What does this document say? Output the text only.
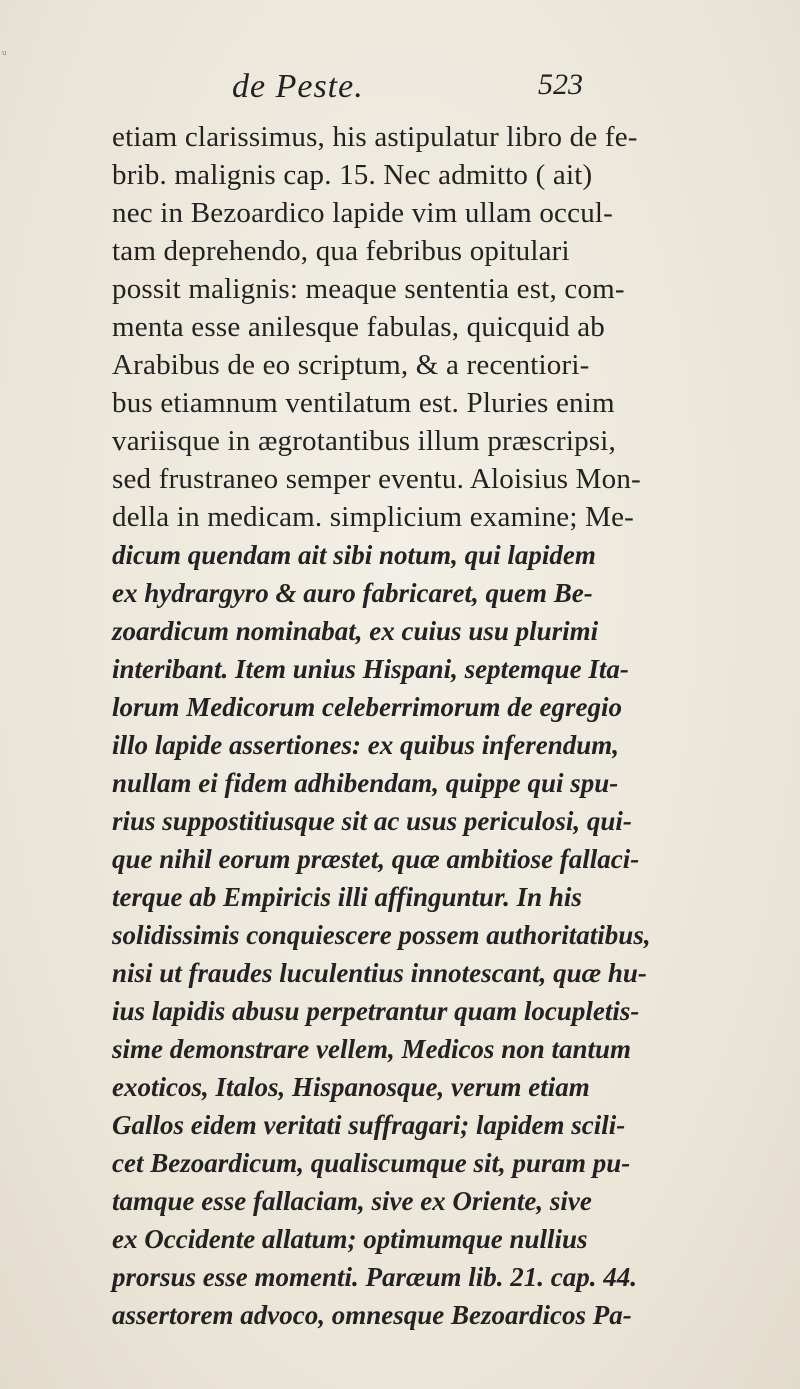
ᵘ
de Peste.	523
etiam clarissimus, his astipulatur libro de fe-
brib. malignis cap. 15. Nec admitto ( ait)
nec in Bezoardico lapide vim ullam occul-
tam deprehendo, qua febribus opitulari
possit malignis: meaque sententia est, com-
menta esse anilesque fabulas, quicquid ab
Arabibus de eo scriptum, & a recentiori-
bus etiamnum ventilatum est. Pluries enim
variisque in ægrotantibus illum præscripsi,
sed frustraneo semper eventu. Aloisius Mon-
della in medicam. simplicium examine; Me-
dicum quendam ait sibi notum, qui lapidem
ex hydrargyro & auro fabricaret, quem Be-
zoardicum nominabat, ex cuius usu plurimi
interibant. Item unius Hispani, septemque Ita-
lorum Medicorum celeberrimorum de egregio
illo lapide assertiones: ex quibus inferendum,
nullam ei fidem adhibendam, quippe qui spu-
rius suppostitiusque sit ac usus periculosi, qui-
que nihil eorum præstet, quæ ambitiose fallaci-
terque ab Empiricis illi affinguntur. In his
solidissimis conquiescere possem authoritatibus,
nisi ut fraudes luculentius innotescant, quæ hu-
ius lapidis abusu perpetrantur quam locupletis-
sime demonstrare vellem, Medicos non tantum
exoticos, Italos, Hispanosque, verum etiam
Gallos eidem veritati suffragari; lapidem scili-
cet Bezoardicum, qualiscumque sit, puram pu-
tamque esse fallaciam, sive ex Oriente, sive
ex Occidente allatum; optimumque nullius
prorsus esse momenti. Paræum lib. 21. cap. 44.
assertorem advoco, omnesque Bezoardicos Pa-
